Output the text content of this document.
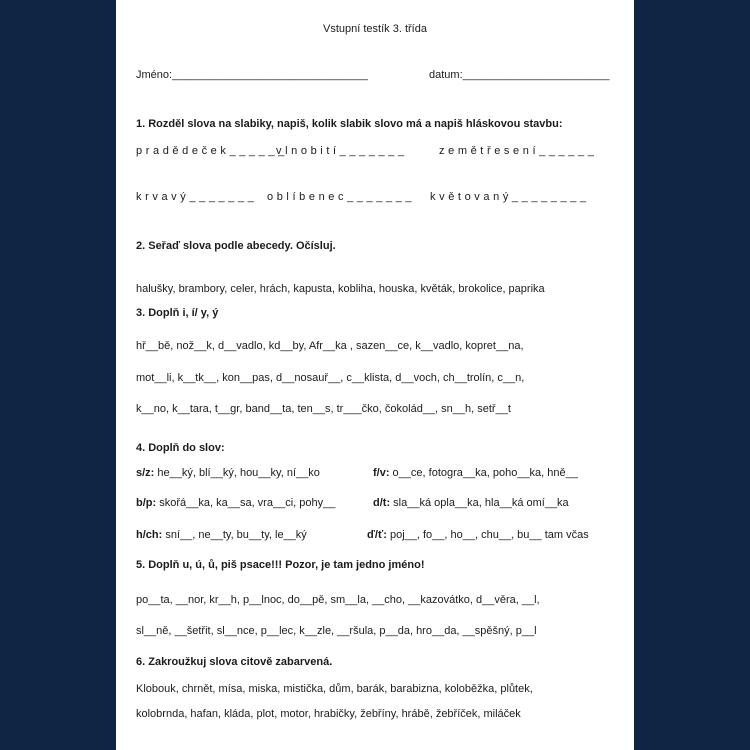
Vstupní testík 3. třída
Jméno:________________________________	datum:________________________
1. Rozděl slova na slabiky, napiš, kolik slabik slovo má a napiš hláskovou stavbu:
pradědeček______
vlnobití_______	zemětřesení______
krvavý_______ oblíbenec_______ květovaný________
2. Seřaď slova podle abecedy. Očísluj.
halušky, brambory, celer, hrách, kapusta, kobliha, houska, květák, brokolice, paprika
3. Doplň i, í/ y, ý
hř__bě, nož__k, d__vadlo, kd__by, Afr__ka , sazen__ce, k__vadlo, kopret__na,
mot__li, k__tk__, kon__pas, d__nosauř__, c__klista, d__voch, ch__trolín, c__n,
k__no, k__tara, t__gr, band__ta, ten__s, tr___čko, čokolád__, sn__h, setř__t
4. Doplň do slov:
s/z: he__ký, blí__ký, hou__ky, ní__ko	f/v: o__ce, fotogra__ka, poho__ka, hně__
b/p: skořá__ka, ka__sa, vra__ci, pohy__	d/t: sla__ká opla__ka, hla__ká omí__ka
h/ch: sní__, ne__ty, bu__ty, le__ký	ď/ť: poj__, fo__, ho__, chu__, bu__ tam včas
5. Doplň u, ú, ů, piš psace!!! Pozor, je tam jedno jméno!
po__ta, __nor, kr__h, p__lnoc, do__pě, sm__la, __cho, __kazovátko, d__věra, __l,
sl__ně, __šetřit, sl__nce, p__lec, k__zle, __ršula, p__da, hro__da, __spěšný, p__l
6. Zakroužkuj slova citově zabarvená.
Klobouk, chrnět, mísa, miska, mistička, dům, barák, barabizna, koloběžka, plůtek,
kolobrnda, hafan, kláda, plot, motor, hrabičky, žebříny, hrábě, žebříček, miláček
